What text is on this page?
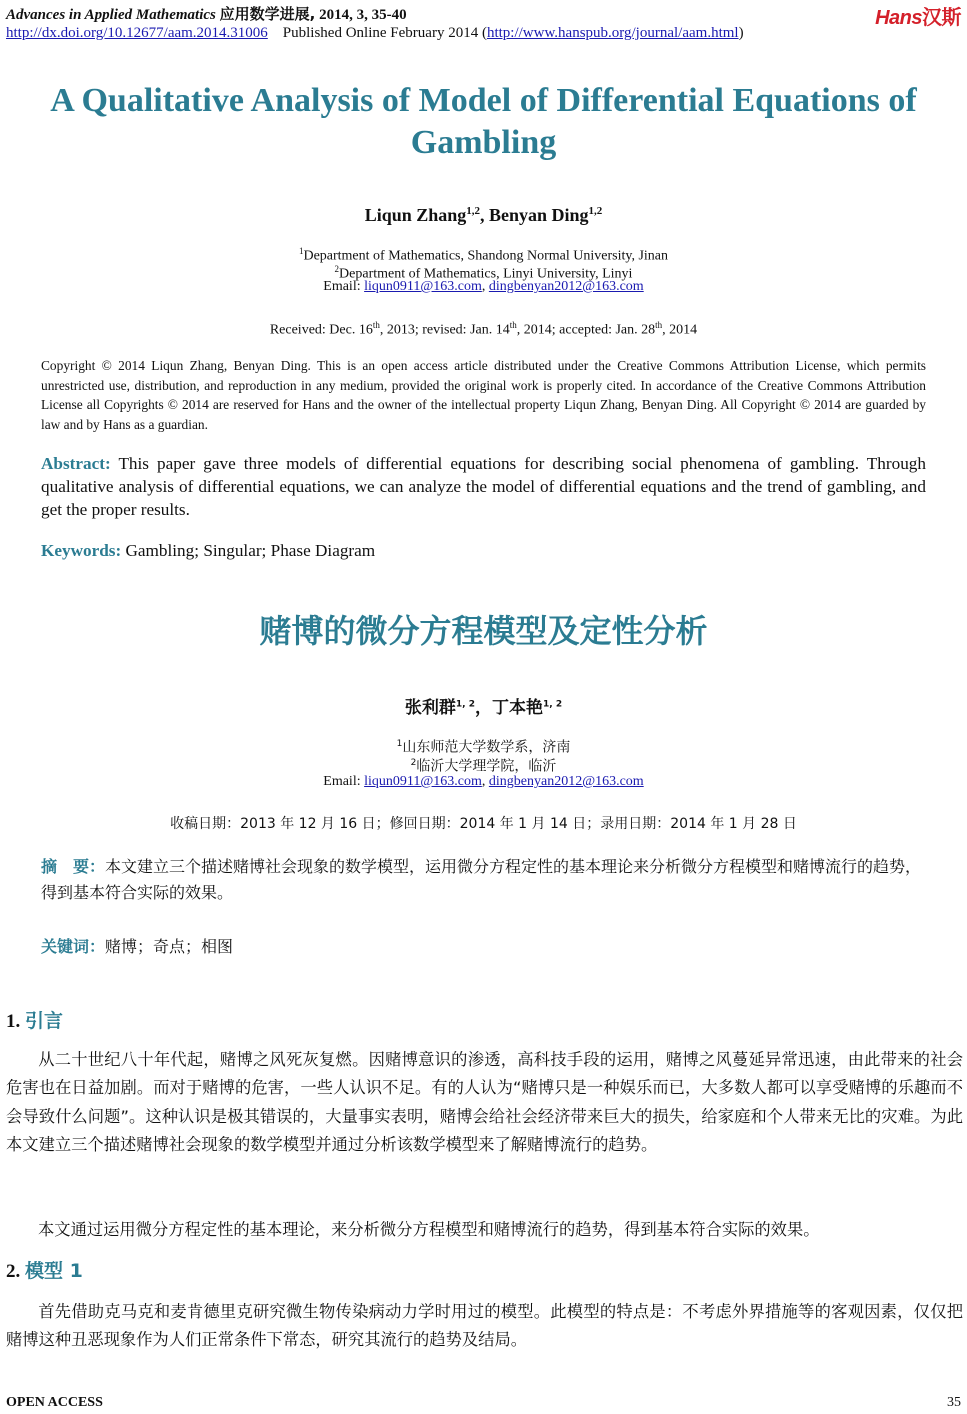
Advances in Applied Mathematics 应用数学进展, 2014, 3, 35-40	Hans汉斯
http://dx.doi.org/10.12677/aam.2014.31006 Published Online February 2014 (http://www.hanspub.org/journal/aam.html)
A Qualitative Analysis of Model of Differential Equations of Gambling
Liqun Zhang$^{1,2}$, Benyan Ding$^{1,2}$
$^1$Department of Mathematics, Shandong Normal University, Jinan
$^2$Department of Mathematics, Linyi University, Linyi
Email: liqun0911@163.com, dingbenyan2012@163.com
Received: Dec. 16th, 2013; revised: Jan. 14th, 2014; accepted: Jan. 28th, 2014
Copyright © 2014 Liqun Zhang, Benyan Ding. This is an open access article distributed under the Creative Commons Attribution License, which permits unrestricted use, distribution, and reproduction in any medium, provided the original work is properly cited. In accordance of the Creative Commons Attribution License all Copyrights © 2014 are reserved for Hans and the owner of the intellectual property Liqun Zhang, Benyan Ding. All Copyright © 2014 are guarded by law and by Hans as a guardian.
Abstract: This paper gave three models of differential equations for describing social phenomena of gambling. Through qualitative analysis of differential equations, we can analyze the model of differential equations and the trend of gambling, and get the proper results.
Keywords: Gambling; Singular; Phase Diagram
赌博的微分方程模型及定性分析
张利群$^{1, 2}$，丁本艳$^{1, 2}$
$^1$山东师范大学数学系，济南
$^2$临沂大学理学院，临沂
Email: liqun0911@163.com, dingbenyan2012@163.com
收稿日期：2013 年 12 月 16 日；修回日期：2014 年 1 月 14 日；录用日期：2014 年 1 月 28 日
摘　要：本文建立三个描述赌博社会现象的数学模型，运用微分方程定性的基本理论来分析微分方程模型和赌博流行的趋势，得到基本符合实际的效果。
关键词：赌博；奇点；相图
1. 引言
从二十世纪八十年代起，赌博之风死灰复燃。因赌博意识的渗透，高科技手段的运用，赌博之风蔓延异常迅速，由此带来的社会危害也在日益加剧。而对于赌博的危害，一些人认识不足。有的人认为“赌博只是一种娱乐而已，大多数人都可以享受赌博的乐趣而不会导致什么问题”。这种认识是极其错误的，大量事实表明，赌博会给社会经济带来巨大的损失，给家庭和个人带来无比的灾难。为此本文建立三个描述赌博社会现象的数学模型并通过分析该数学模型来了解赌博流行的趋势。
本文通过运用微分方程定性的基本理论，来分析微分方程模型和赌博流行的趋势，得到基本符合实际的效果。
2. 模型 1
首先借助克马克和麦肯德里克研究微生物传染病动力学时用过的模型。此模型的特点是：不考虑外界措施等的客观因素，仅仅把赌博这种丑恶现象作为人们正常条件下常态，研究其流行的趋势及结局。
OPEN ACCESS	35
